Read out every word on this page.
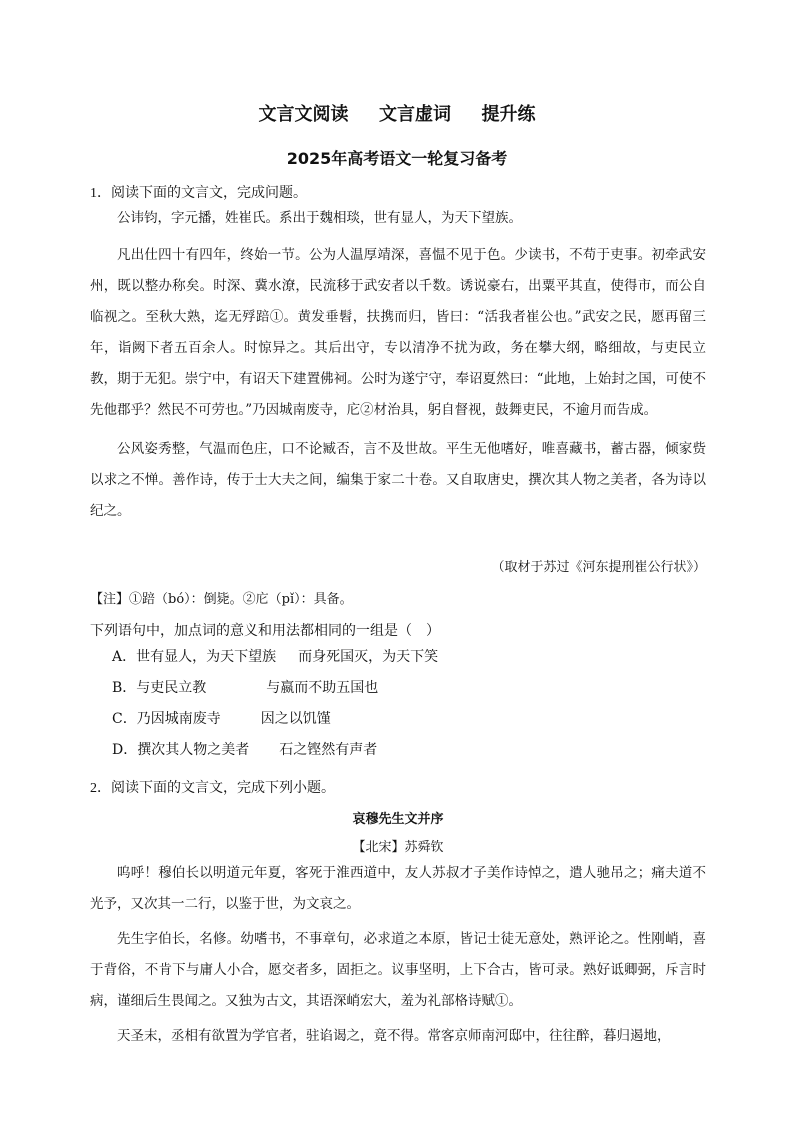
文言文阅读　  文言虚词  　提升练
2025年高考语文一轮复习备考

1．阅读下面的文言文，完成问题。

公讳钧，字元播，姓崔氏。系出于魏相琰，世有显人，为天下望族。

凡出仕四十有四年，终始一节。公为人温厚靖深，喜愠不见于色。少读书，不苟于吏事。初牵武安州，既以整办称矣。时深、冀水潦，民流移于武安者以千数。诱说豪右，出粟平其直，使得市，而公自临视之。至秋大熟，迄无殍踣①。黄发垂髫，扶携而归，皆曰：“活我者崔公也。”武安之民，愿再留三年，诣阙下者五百余人。时惊异之。其后出守，专以清净不扰为政，务在攀大纲，略细故，与吏民立教，期于无犯。崇宁中，有诏天下建置佛祠。公时为遂宁守，奉诏夏然曰：“此地，上始封之国，可使不先他郡乎？然民不可劳也。”乃因城南废寺，庀②材治具，躬自督视，鼓舞吏民，不逾月而告成。

公风姿秀整，气温而色庄，口不论臧否，言不及世故。平生无他嗜好，唯喜藏书，蓄古器，倾家赀以求之不惮。善作诗，传于士大夫之间，编集于家二十卷。又自取唐史，撰次其人物之美者，各为诗以纪之。

（取材于苏过《河东提刑崔公行状》）

【注】①踣（bó）：倒毙。②庀（pǐ）：具备。

下列语句中，加点词的意义和用法都相同的一组是（　）

A．世有显人，为天下望族 而身死国灭，为天下笑

B．与吏民立教	与嬴而不助五国也

C．乃因城南废寺	因之以饥馑

D．撰次其人物之美者 石之铿然有声者

2．阅读下面的文言文，完成下列小题。

哀穆先生文并序

【北宋】苏舜钦

呜呼！穆伯长以明道元年夏，客死于淮西道中，友人苏叔才子美作诗悼之，遣人驰吊之；痛夫道不光予，又次其一二行，以鉴于世，为文哀之。

先生字伯长，名修。幼嗜书，不事章句，必求道之本原，皆记士徒无意处，熟评论之。性刚峭，喜于背俗，不肯下与庸人小合，愿交者多，固拒之。议事坚明，上下合古，皆可录。熟好诋卿弼，斥言时病，谨细后生畏闻之。又独为古文，其语深峭宏大，羞为礼部格诗赋①。

天圣末，丞相有欲置为学官者，驻谄谒之，竟不得。常客京师南河邸中，往往醉，暮归遏地，
